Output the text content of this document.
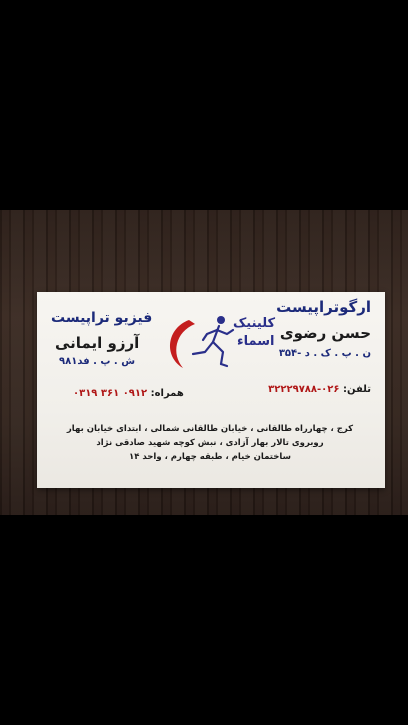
ارگوتراپیست
حسن رضوی
ن . پ . ک . د -۳۵۴
کلینیک
اسماء
فیزیو تراپیست
آرزو ایمانی
ش . پ . فد۹۸۱
تلفن: ۰۲۶-۳۲۲۲۹۷۸۸
همراه: ۰۹۱۲ ۳۶۱ ۰۳۱۹
کرج ، چهارراه طالقانی ، خیابان طالقانی شمالی ، ابتدای خیابان بهار
روبروی تالار بهار آزادی ، نبش کوچه شهید صادقی نژاد
ساختمان خیام ، طبقه چهارم ، واحد ۱۴
